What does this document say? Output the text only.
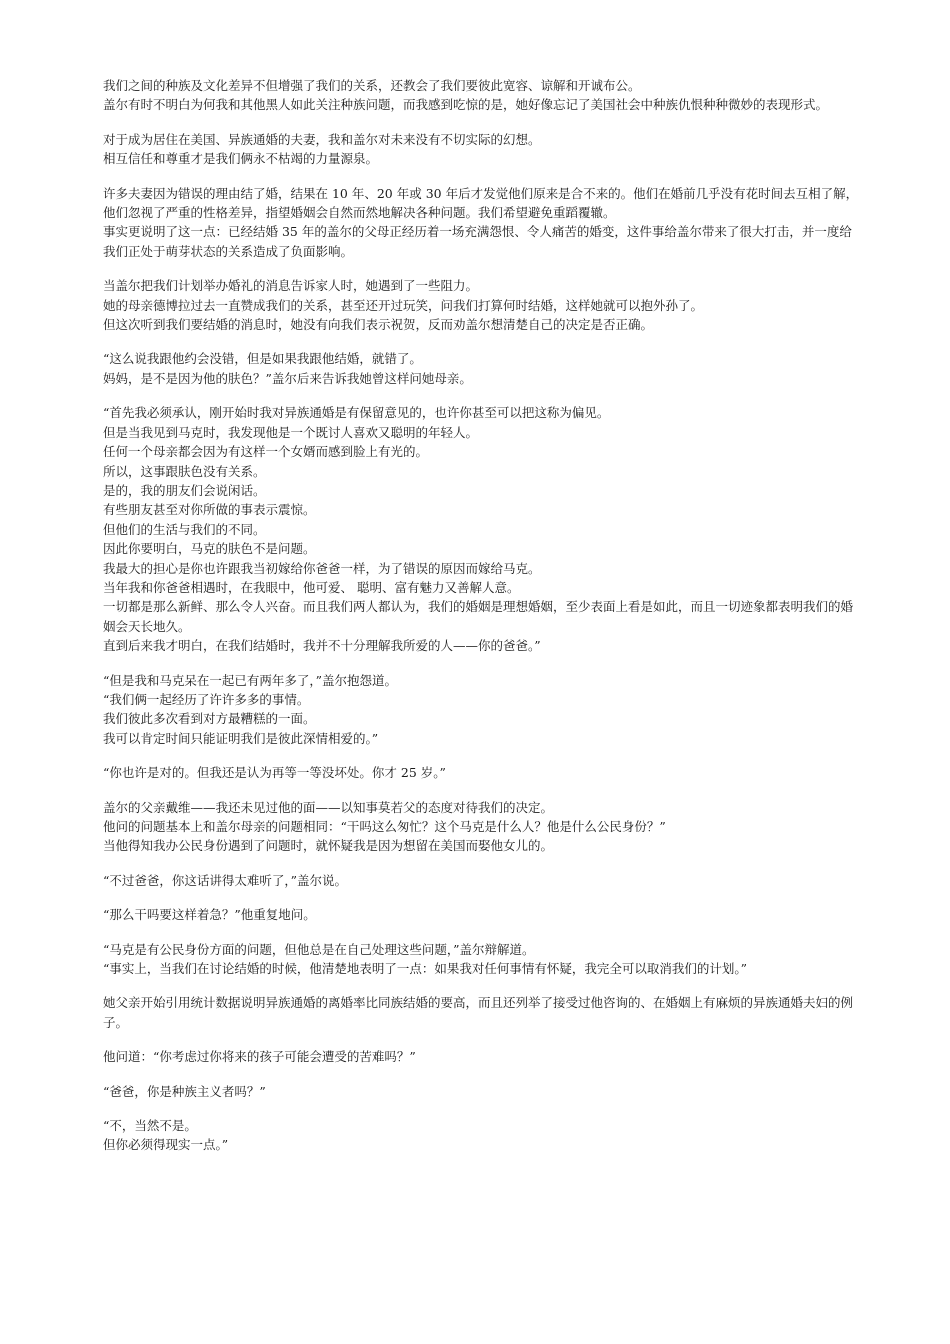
我们之间的种族及文化差异不但增强了我们的关系，还教会了我们要彼此宽容、谅解和开诚布公。
盖尔有时不明白为何我和其他黑人如此关注种族问题，而我感到吃惊的是，她好像忘记了美国社会中种族仇恨种种微妙的表现形式。
对于成为居住在美国、异族通婚的夫妻，我和盖尔对未来没有不切实际的幻想。
相互信任和尊重才是我们俩永不枯竭的力量源泉。
许多夫妻因为错误的理由结了婚，结果在 10 年、20 年或 30 年后才发觉他们原来是合不来的。他们在婚前几乎没有花时间去互相了解，他们忽视了严重的性格差异，指望婚姻会自然而然地解决各种问题。我们希望避免重蹈覆辙。
事实更说明了这一点：已经结婚 35 年的盖尔的父母正经历着一场充满怨恨、令人痛苦的婚变，这件事给盖尔带来了很大打击，并一度给我们正处于萌芽状态的关系造成了负面影响。
当盖尔把我们计划举办婚礼的消息告诉家人时，她遇到了一些阻力。
她的母亲德博拉过去一直赞成我们的关系，甚至还开过玩笑，问我们打算何时结婚，这样她就可以抱外孙了。
但这次听到我们要结婚的消息时，她没有向我们表示祝贺，反而劝盖尔想清楚自己的决定是否正确。
“这么说我跟他约会没错，但是如果我跟他结婚，就错了。
妈妈，是不是因为他的肤色？”盖尔后来告诉我她曾这样问她母亲。
“首先我必须承认，刚开始时我对异族通婚是有保留意见的，也许你甚至可以把这称为偏见。
但是当我见到马克时，我发现他是一个既讨人喜欢又聪明的年轻人。
任何一个母亲都会因为有这样一个女婿而感到脸上有光的。
所以，这事跟肤色没有关系。
是的，我的朋友们会说闲话。
有些朋友甚至对你所做的事表示震惊。
但他们的生活与我们的不同。
因此你要明白，马克的肤色不是问题。
我最大的担心是你也许跟我当初嫁给你爸爸一样，为了错误的原因而嫁给马克。
当年我和你爸爸相遇时，在我眼中，他可爱、 聪明、富有魅力又善解人意。
一切都是那么新鲜、那么令人兴奋。而且我们两人都认为，我们的婚姻是理想婚姻，至少表面上看是如此，而且一切迹象都表明我们的婚姻会天长地久。
直到后来我才明白，在我们结婚时，我并不十分理解我所爱的人——你的爸爸。”
“但是我和马克呆在一起已有两年多了，”盖尔抱怨道。
“我们俩一起经历了许许多多的事情。
我们彼此多次看到对方最糟糕的一面。
我可以肯定时间只能证明我们是彼此深情相爱的。”
“你也许是对的。但我还是认为再等一等没坏处。你才 25 岁。”
盖尔的父亲戴维——我还未见过他的面——以知事莫若父的态度对待我们的决定。
他问的问题基本上和盖尔母亲的问题相同：“干吗这么匆忙？这个马克是什么人？他是什么公民身份？”
当他得知我办公民身份遇到了问题时，就怀疑我是因为想留在美国而娶他女儿的。
“不过爸爸，你这话讲得太难听了，”盖尔说。
“那么干吗要这样着急？”他重复地问。
“马克是有公民身份方面的问题，但他总是在自己处理这些问题，”盖尔辩解道。
“事实上，当我们在讨论结婚的时候，他清楚地表明了一点：如果我对任何事情有怀疑，我完全可以取消我们的计划。”
她父亲开始引用统计数据说明异族通婚的离婚率比同族结婚的要高，而且还列举了接受过他咨询的、在婚姻上有麻烦的异族通婚夫妇的例子。
他问道：“你考虑过你将来的孩子可能会遭受的苦难吗？”
“爸爸，你是种族主义者吗？”
“不，当然不是。
但你必须得现实一点。”
